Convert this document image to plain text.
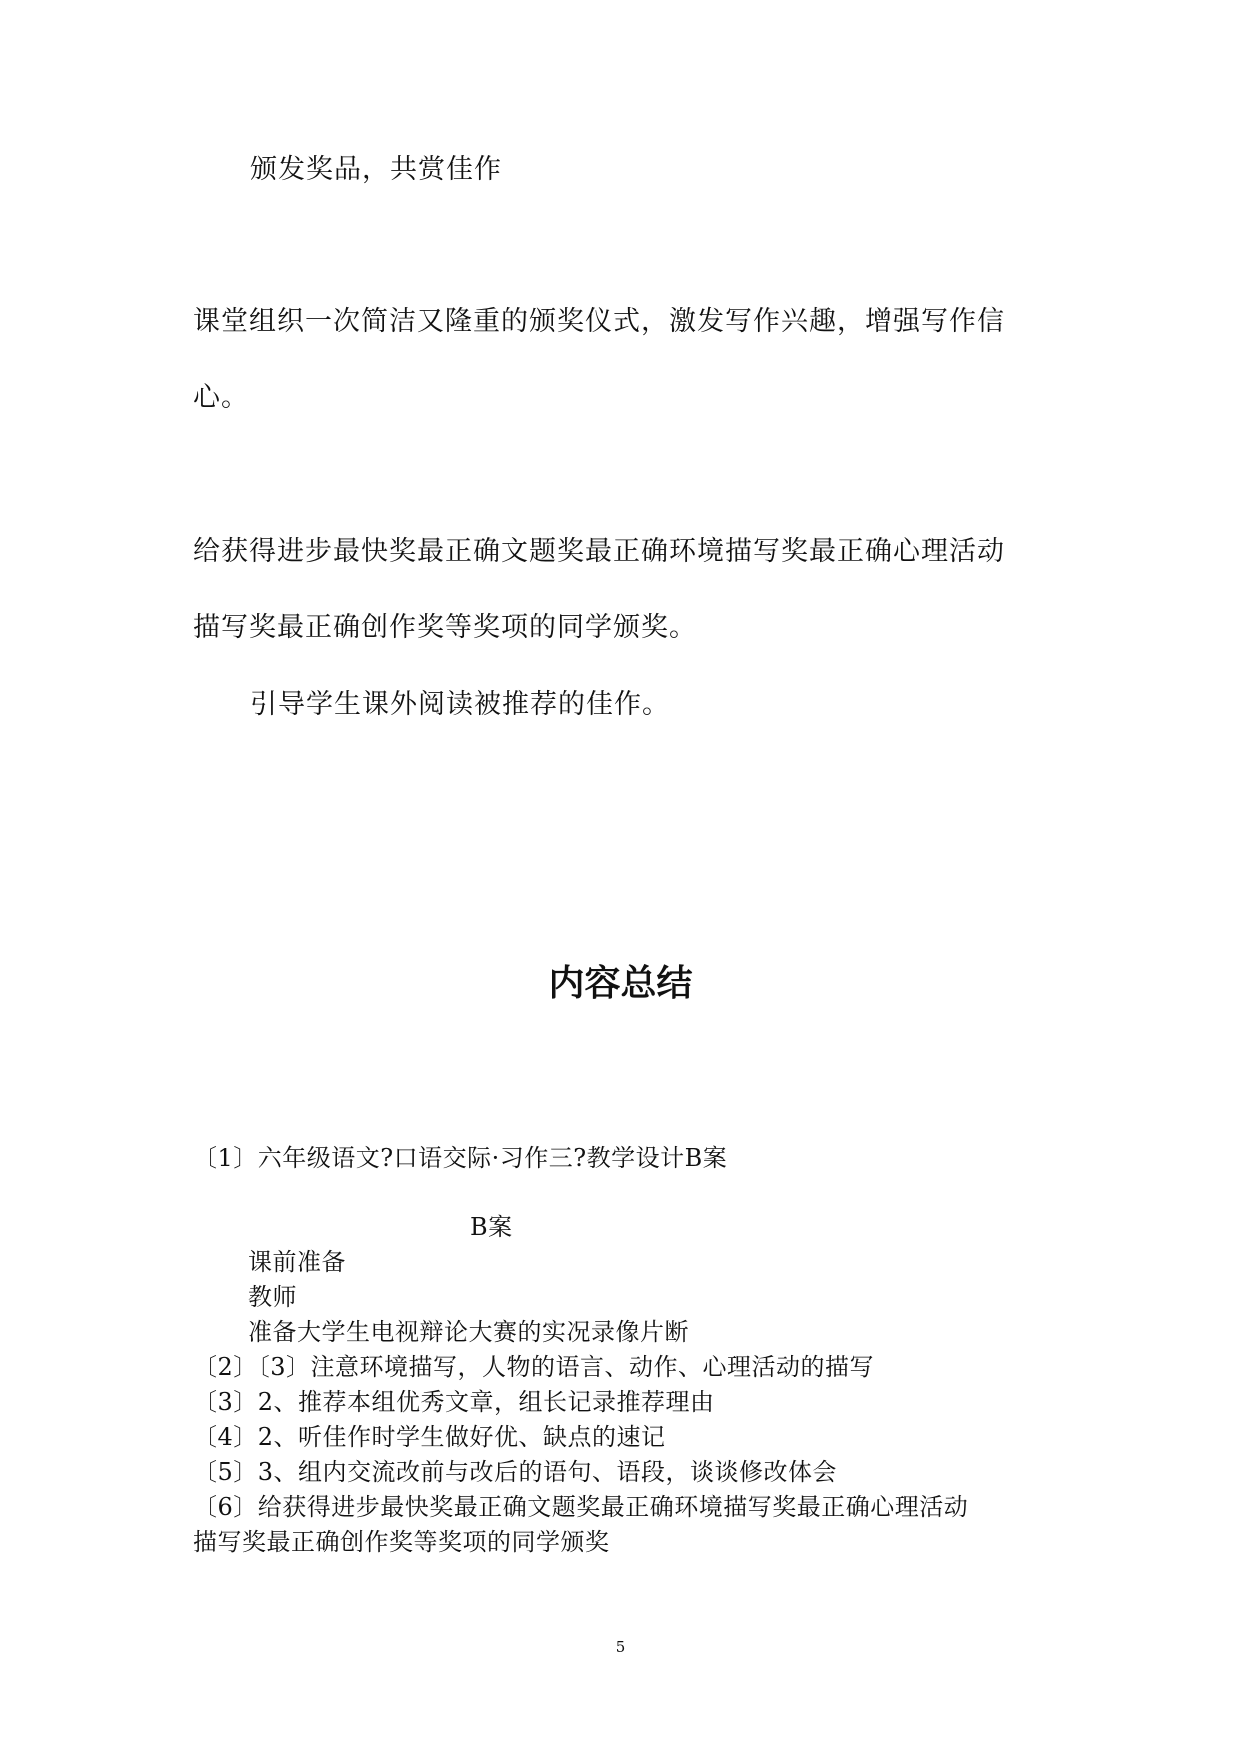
颁发奖品，共赏佳作
课堂组织一次简洁又隆重的颁奖仪式，激发写作兴趣，增强写作信
心。
给获得进步最快奖最正确文题奖最正确环境描写奖最正确心理活动
描写奖最正确创作奖等奖项的同学颁奖。
引导学生课外阅读被推荐的佳作。
内容总结
〔1〕六年级语文?口语交际·习作三?教学设计B案
B案
课前准备
教师
准备大学生电视辩论大赛的实况录像片断
〔2〕〔3〕注意环境描写，人物的语言、动作、心理活动的描写
〔3〕2、推荐本组优秀文章，组长记录推荐理由
〔4〕2、听佳作时学生做好优、缺点的速记
〔5〕3、组内交流改前与改后的语句、语段，谈谈修改体会
〔6〕给获得进步最快奖最正确文题奖最正确环境描写奖最正确心理活动
描写奖最正确创作奖等奖项的同学颁奖
5
